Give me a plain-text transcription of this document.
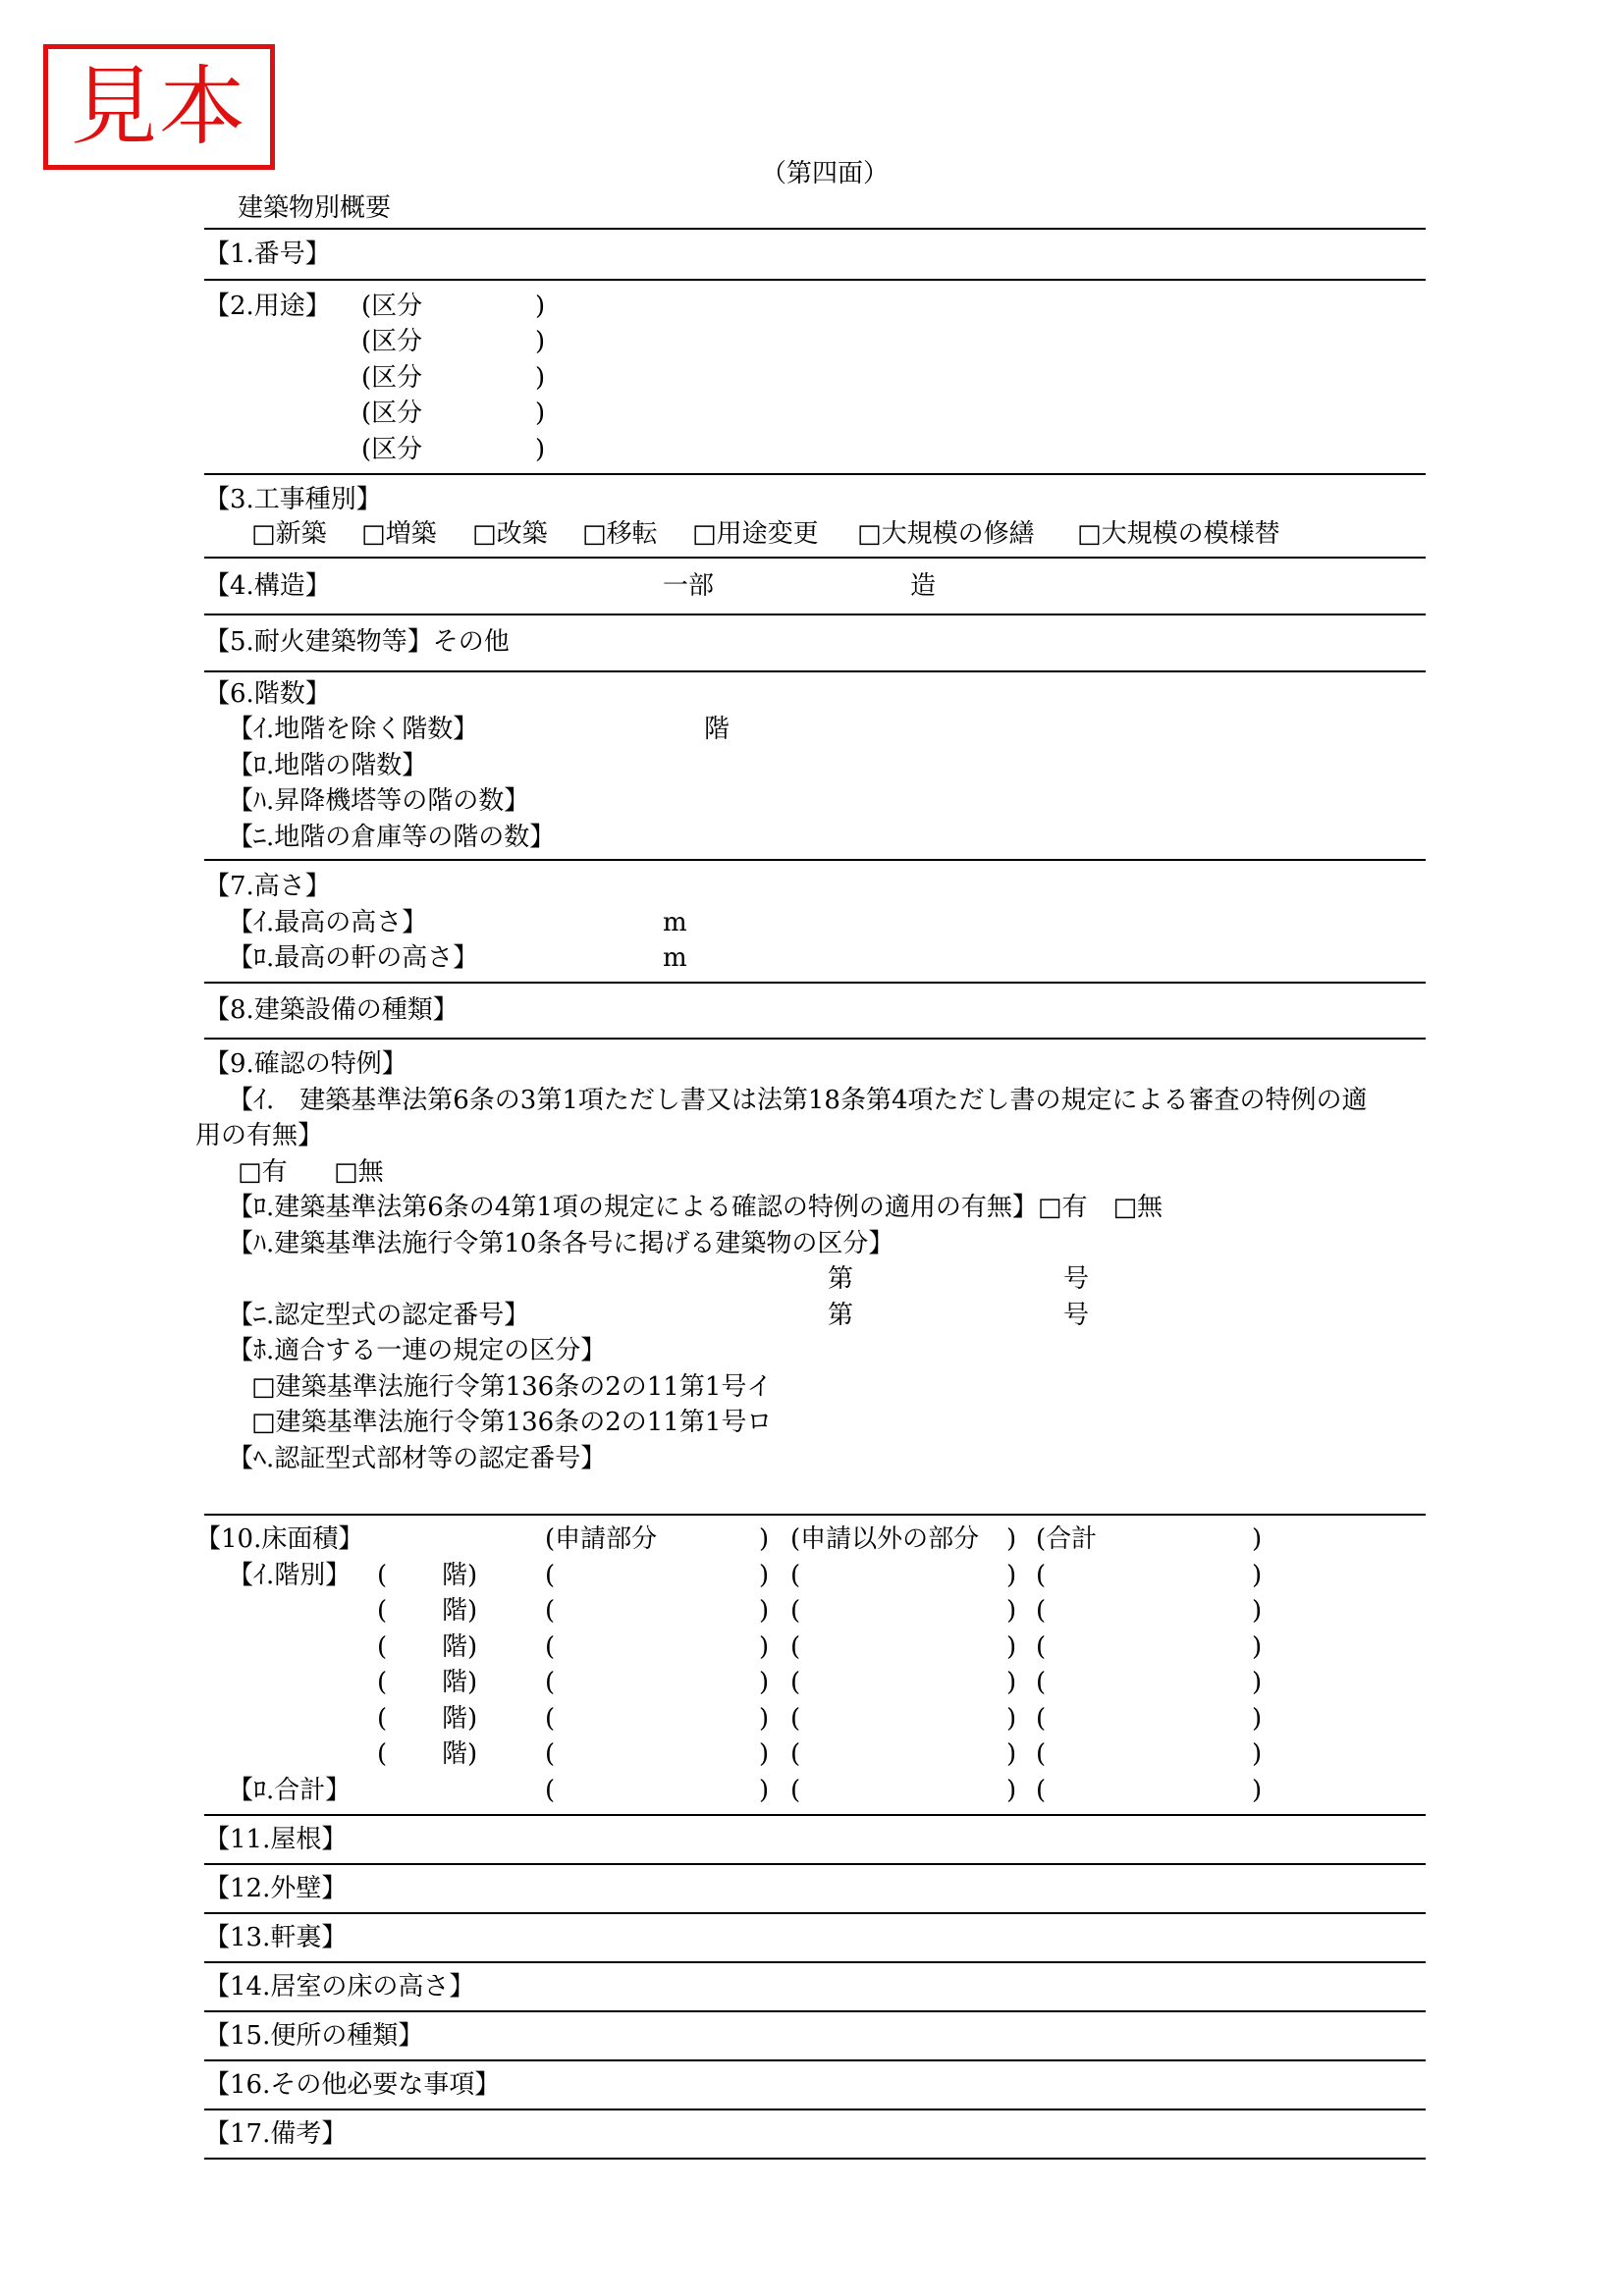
見本
（第四面）
建築物別概要
【1.番号】
【2.用途】 (区分	)
(区分	)
(区分	)
(区分	)
(区分	)
【3.工事種別】
□新築 □増築 □改築 □移転 □用途変更 □大規模の修繕 □大規模の模様替
【4.構造】	一部	造
【5.耐火建築物等】その他
【6.階数】
【ｲ.地階を除く階数】	階
【ﾛ.地階の階数】
【ﾊ.昇降機塔等の階の数】
【ﾆ.地階の倉庫等の階の数】
【7.高さ】
【ｲ.最高の高さ】	m
【ﾛ.最高の軒の高さ】	m
【8.建築設備の種類】
【9.確認の特例】
【ｲ.　建築基準法第6条の3第1項ただし書又は法第18条第4項ただし書の規定による審査の特例の適
用の有無】
□有 □無
【ﾛ.建築基準法第6条の4第1項の規定による確認の特例の適用の有無】□有　□無
【ﾊ.建築基準法施行令第10条各号に掲げる建築物の区分】
第	号
【ﾆ.認定型式の認定番号】	第	号
【ﾎ.適合する一連の規定の区分】
□建築基準法施行令第136条の2の11第1号イ
□建築基準法施行令第136条の2の11第1号ロ
【ﾍ.認証型式部材等の認定番号】
【10.床面積】	(申請部分	) (申請以外の部分 ) (合計	)
【ｲ.階別】 ( 階)	(	) (	) (	)
( 階)	(	) (	) (	)
( 階)	(	) (	) (	)
( 階)	(	) (	) (	)
( 階)	(	) (	) (	)
( 階)	(	) (	) (	)
【ﾛ.合計】	(	) (	) (	)
【11.屋根】
【12.外壁】
【13.軒裏】
【14.居室の床の高さ】
【15.便所の種類】
【16.その他必要な事項】
【17.備考】
